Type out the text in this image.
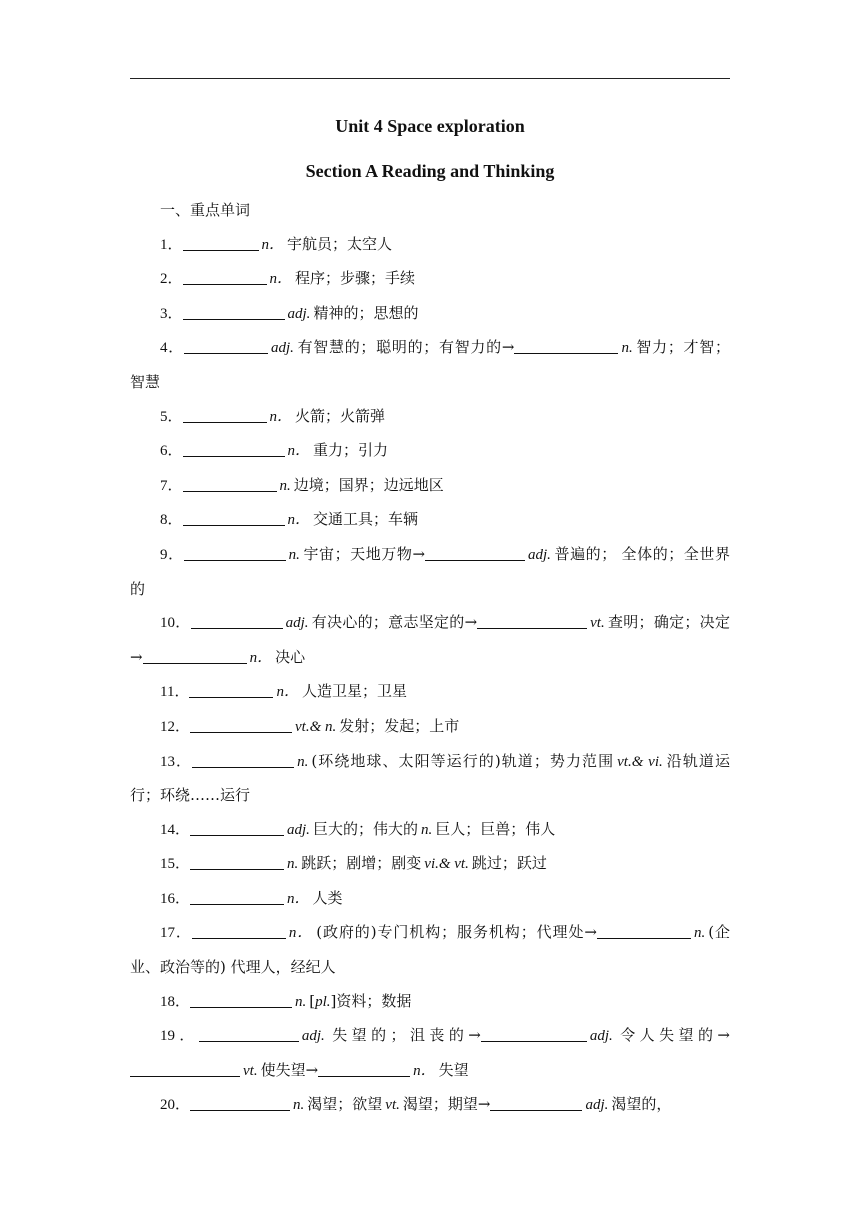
Unit 4 Space exploration
Section A Reading and Thinking

一、重点单词

1．	n． 宇航员；太空人

2．	n． 程序；步骤；手续

3．	adj. 精神的；思想的

4．	adj. 有智慧的；聪明的；有智力的→	n. 智力；才智； 智慧

5．	n． 火箭；火箭弹

6．	n． 重力；引力

7．	n. 边境；国界；边远地区

8．	n． 交通工具；车辆

9．	n. 宇宙；天地万物→	adj. 普遍的； 全体的；全世界的

10．	adj. 有决心的；意志坚定的→	vt. 查明；确定；决定→	n． 决心

11．	n． 人造卫星；卫星

12．	vt.& n. 发射；发起；上市

13．	n. (环绕地球、太阳等运行的)轨道；势力范围 vt.& vi. 沿轨道运行；环绕……运行

14．	adj. 巨大的；伟大的 n. 巨人；巨兽；伟人

15．	n. 跳跃；剧增；剧变 vi.& vt. 跳过；跃过

16．	n． 人类

17．	n． (政府的)专门机构；服务机构；代理处→	n. (企业、政治等的) 代理人，经纪人

18．	n. [pl.]资料；数据

19．	adj. 失望的；沮丧的→	adj. 令人失望的→vt. 使失望→	n． 失望

20．	n. 渴望；欲望 vt. 渴望；期望→	adj. 渴望的，
